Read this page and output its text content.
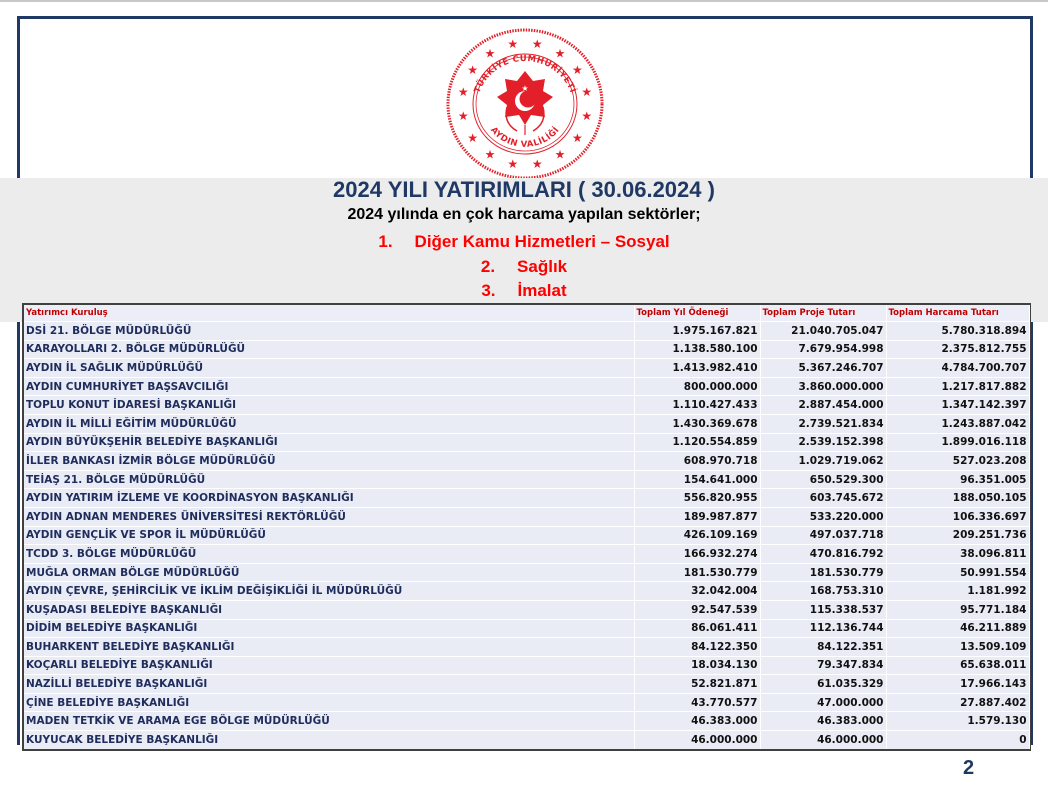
★
★
★
★
★
★
★
★
★
★
★
★ ★
★
★
★
TÜRKİYE CUMHURİYETİ
AYDIN VALİLİĞİ
★
2024 YILI YATIRIMLARI ( 30.06.2024 )
2024 yılında en çok harcama yapılan sektörler;
1. Diğer Kamu Hizmetleri – Sosyal
2. Sağlık
3. İmalat
Yatırımcı Kuruluş	Toplam Yıl Ödeneği	Toplam Proje Tutarı	Toplam Harcama Tutarı
DSİ 21. BÖLGE MÜDÜRLÜĞÜ	1.975.167.821	21.040.705.047	5.780.318.894
KARAYOLLARI 2. BÖLGE MÜDÜRLÜĞÜ	1.138.580.100	7.679.954.998	2.375.812.755
AYDIN İL SAĞLIK MÜDÜRLÜĞÜ	1.413.982.410	5.367.246.707	4.784.700.707
AYDIN CUMHURİYET BAŞSAVCILIĞI	800.000.000	3.860.000.000	1.217.817.882
TOPLU KONUT İDARESİ BAŞKANLIĞI	1.110.427.433	2.887.454.000	1.347.142.397
AYDIN İL MİLLİ EĞİTİM MÜDÜRLÜĞÜ	1.430.369.678	2.739.521.834	1.243.887.042
AYDIN BÜYÜKŞEHİR BELEDİYE BAŞKANLIĞI	1.120.554.859	2.539.152.398	1.899.016.118
İLLER BANKASI İZMİR BÖLGE MÜDÜRLÜĞÜ	608.970.718	1.029.719.062	527.023.208
TEİAŞ 21. BÖLGE MÜDÜRLÜĞÜ	154.641.000	650.529.300	96.351.005
AYDIN YATIRIM İZLEME VE KOORDİNASYON BAŞKANLIĞI	556.820.955	603.745.672	188.050.105
AYDIN ADNAN MENDERES ÜNİVERSİTESİ REKTÖRLÜĞÜ	189.987.877	533.220.000	106.336.697
AYDIN GENÇLİK VE SPOR İL MÜDÜRLÜĞÜ	426.109.169	497.037.718	209.251.736
TCDD 3. BÖLGE MÜDÜRLÜĞÜ	166.932.274	470.816.792	38.096.811
MUĞLA ORMAN BÖLGE MÜDÜRLÜĞÜ	181.530.779	181.530.779	50.991.554
AYDIN ÇEVRE, ŞEHİRCİLİK VE İKLİM DEĞİŞİKLİĞİ İL MÜDÜRLÜĞÜ	32.042.004	168.753.310	1.181.992
KUŞADASI BELEDİYE BAŞKANLIĞI	92.547.539	115.338.537	95.771.184
DİDİM BELEDİYE BAŞKANLIĞI	86.061.411	112.136.744	46.211.889
BUHARKENT BELEDİYE BAŞKANLIĞI	84.122.350	84.122.351	13.509.109
KOÇARLI BELEDİYE BAŞKANLIĞI	18.034.130	79.347.834	65.638.011
NAZİLLİ BELEDİYE BAŞKANLIĞI	52.821.871	61.035.329	17.966.143
ÇİNE BELEDİYE BAŞKANLIĞI	43.770.577	47.000.000	27.887.402
MADEN TETKİK VE ARAMA EGE BÖLGE MÜDÜRLÜĞÜ	46.383.000	46.383.000	1.579.130
KUYUCAK BELEDİYE BAŞKANLIĞI	46.000.000	46.000.000	0
2
